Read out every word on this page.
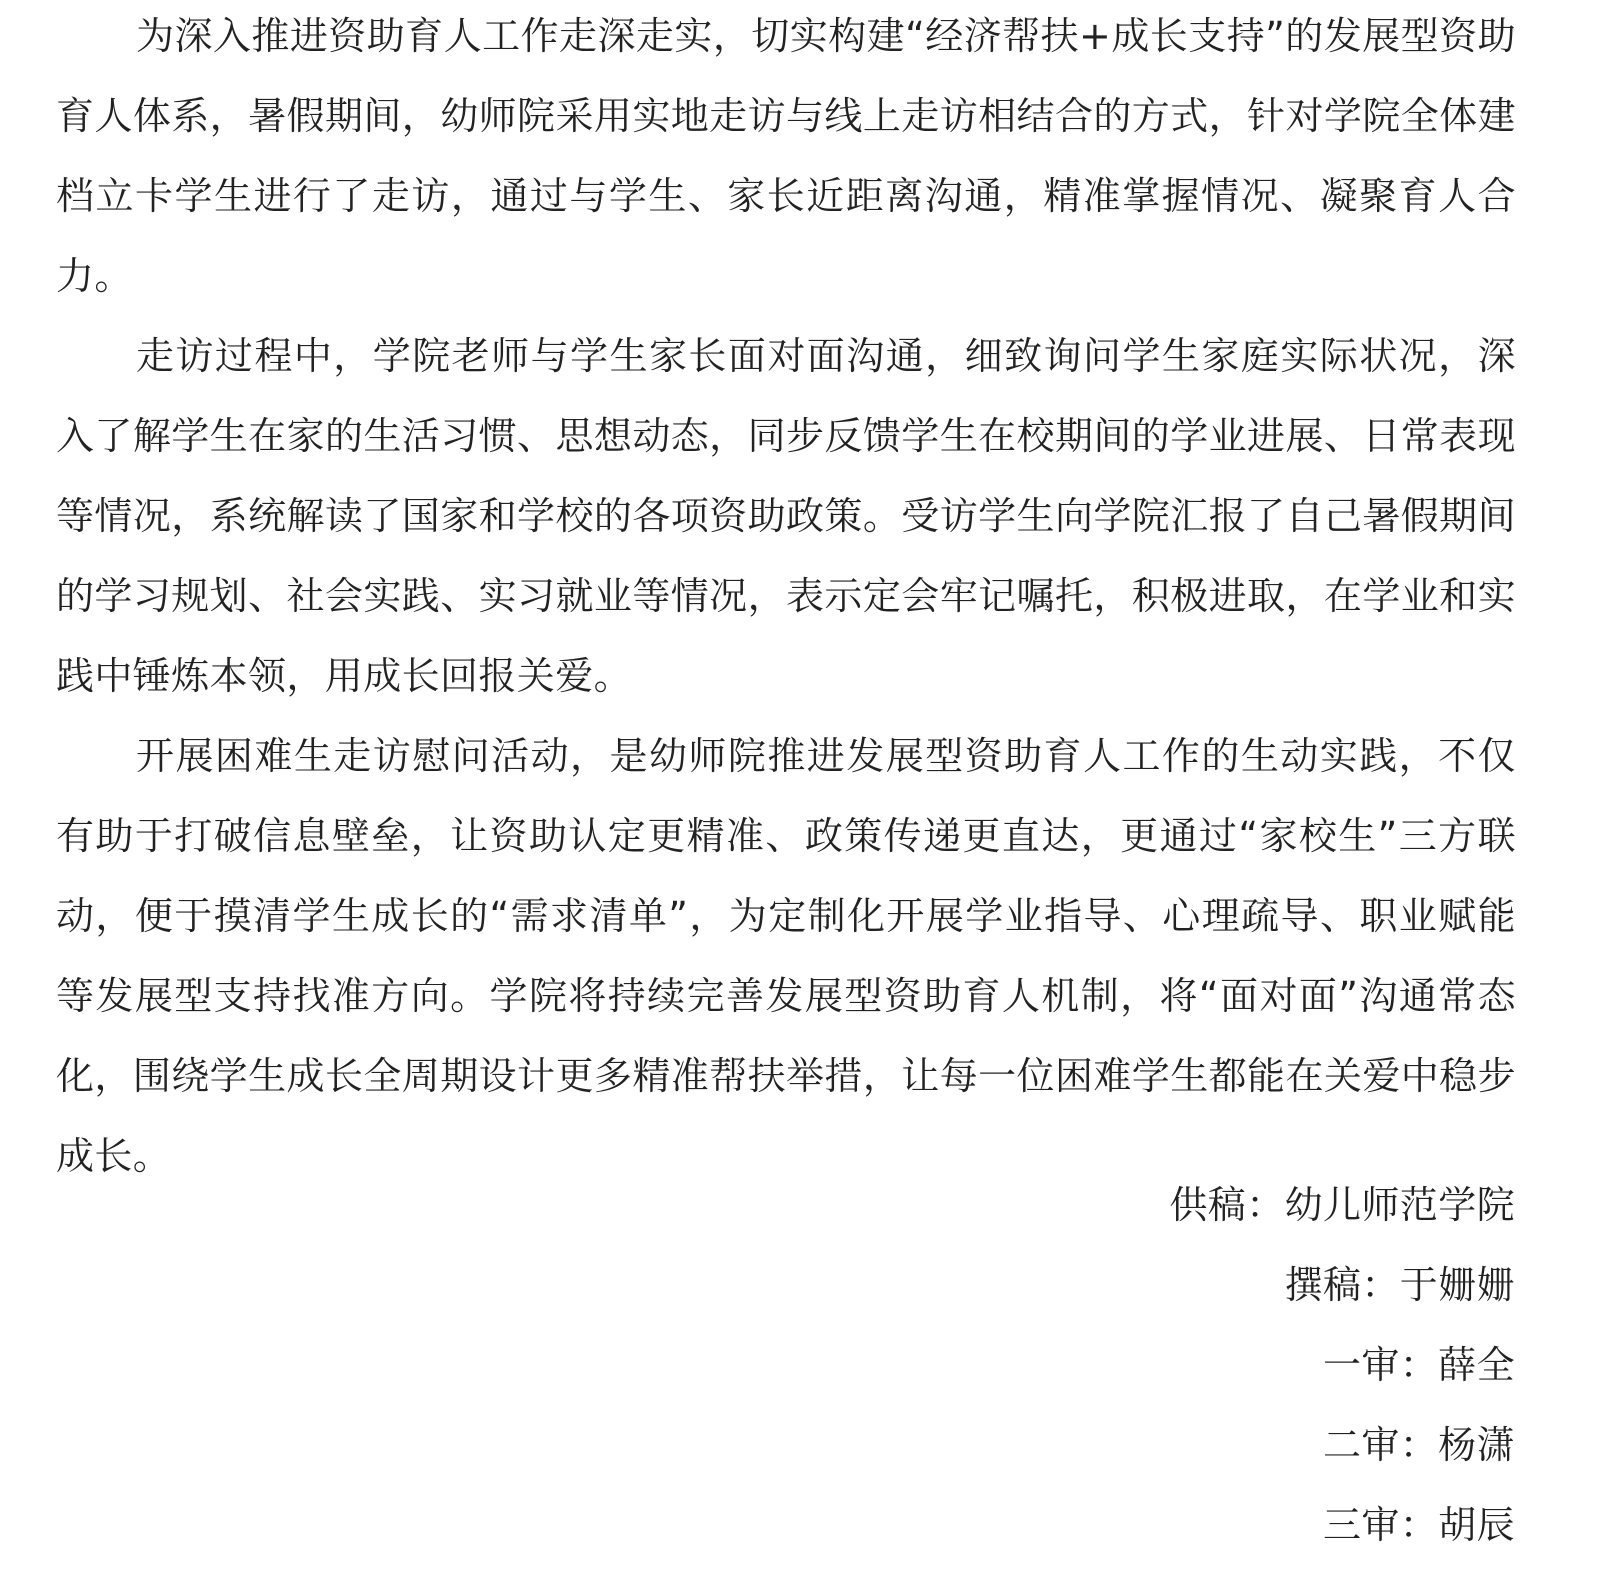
为深入推进资助育人工作走深走实，切实构建“经济帮扶+成长支持”的发展型资助育人体系，暑假期间，幼师院采用实地走访与线上走访相结合的方式，针对学院全体建档立卡学生进行了走访，通过与学生、家长近距离沟通，精准掌握情况、凝聚育人合力。

走访过程中，学院老师与学生家长面对面沟通，细致询问学生家庭实际状况，深入了解学生在家的生活习惯、思想动态，同步反馈学生在校期间的学业进展、日常表现等情况，系统解读了国家和学校的各项资助政策。受访学生向学院汇报了自己暑假期间的学习规划、社会实践、实习就业等情况，表示定会牢记嘱托，积极进取，在学业和实践中锤炼本领，用成长回报关爱。

开展困难生走访慰问活动，是幼师院推进发展型资助育人工作的生动实践，不仅有助于打破信息壁垒，让资助认定更精准、政策传递更直达，更通过“家校生”三方联动，便于摸清学生成长的“需求清单”，为定制化开展学业指导、心理疏导、职业赋能等发展型支持找准方向。学院将持续完善发展型资助育人机制，将“面对面”沟通常态化，围绕学生成长全周期设计更多精准帮扶举措，让每一位困难学生都能在关爱中稳步成长。

供稿：幼儿师范学院
撰稿：于姗姗
一审：薛全
二审：杨潇
三审：胡辰
